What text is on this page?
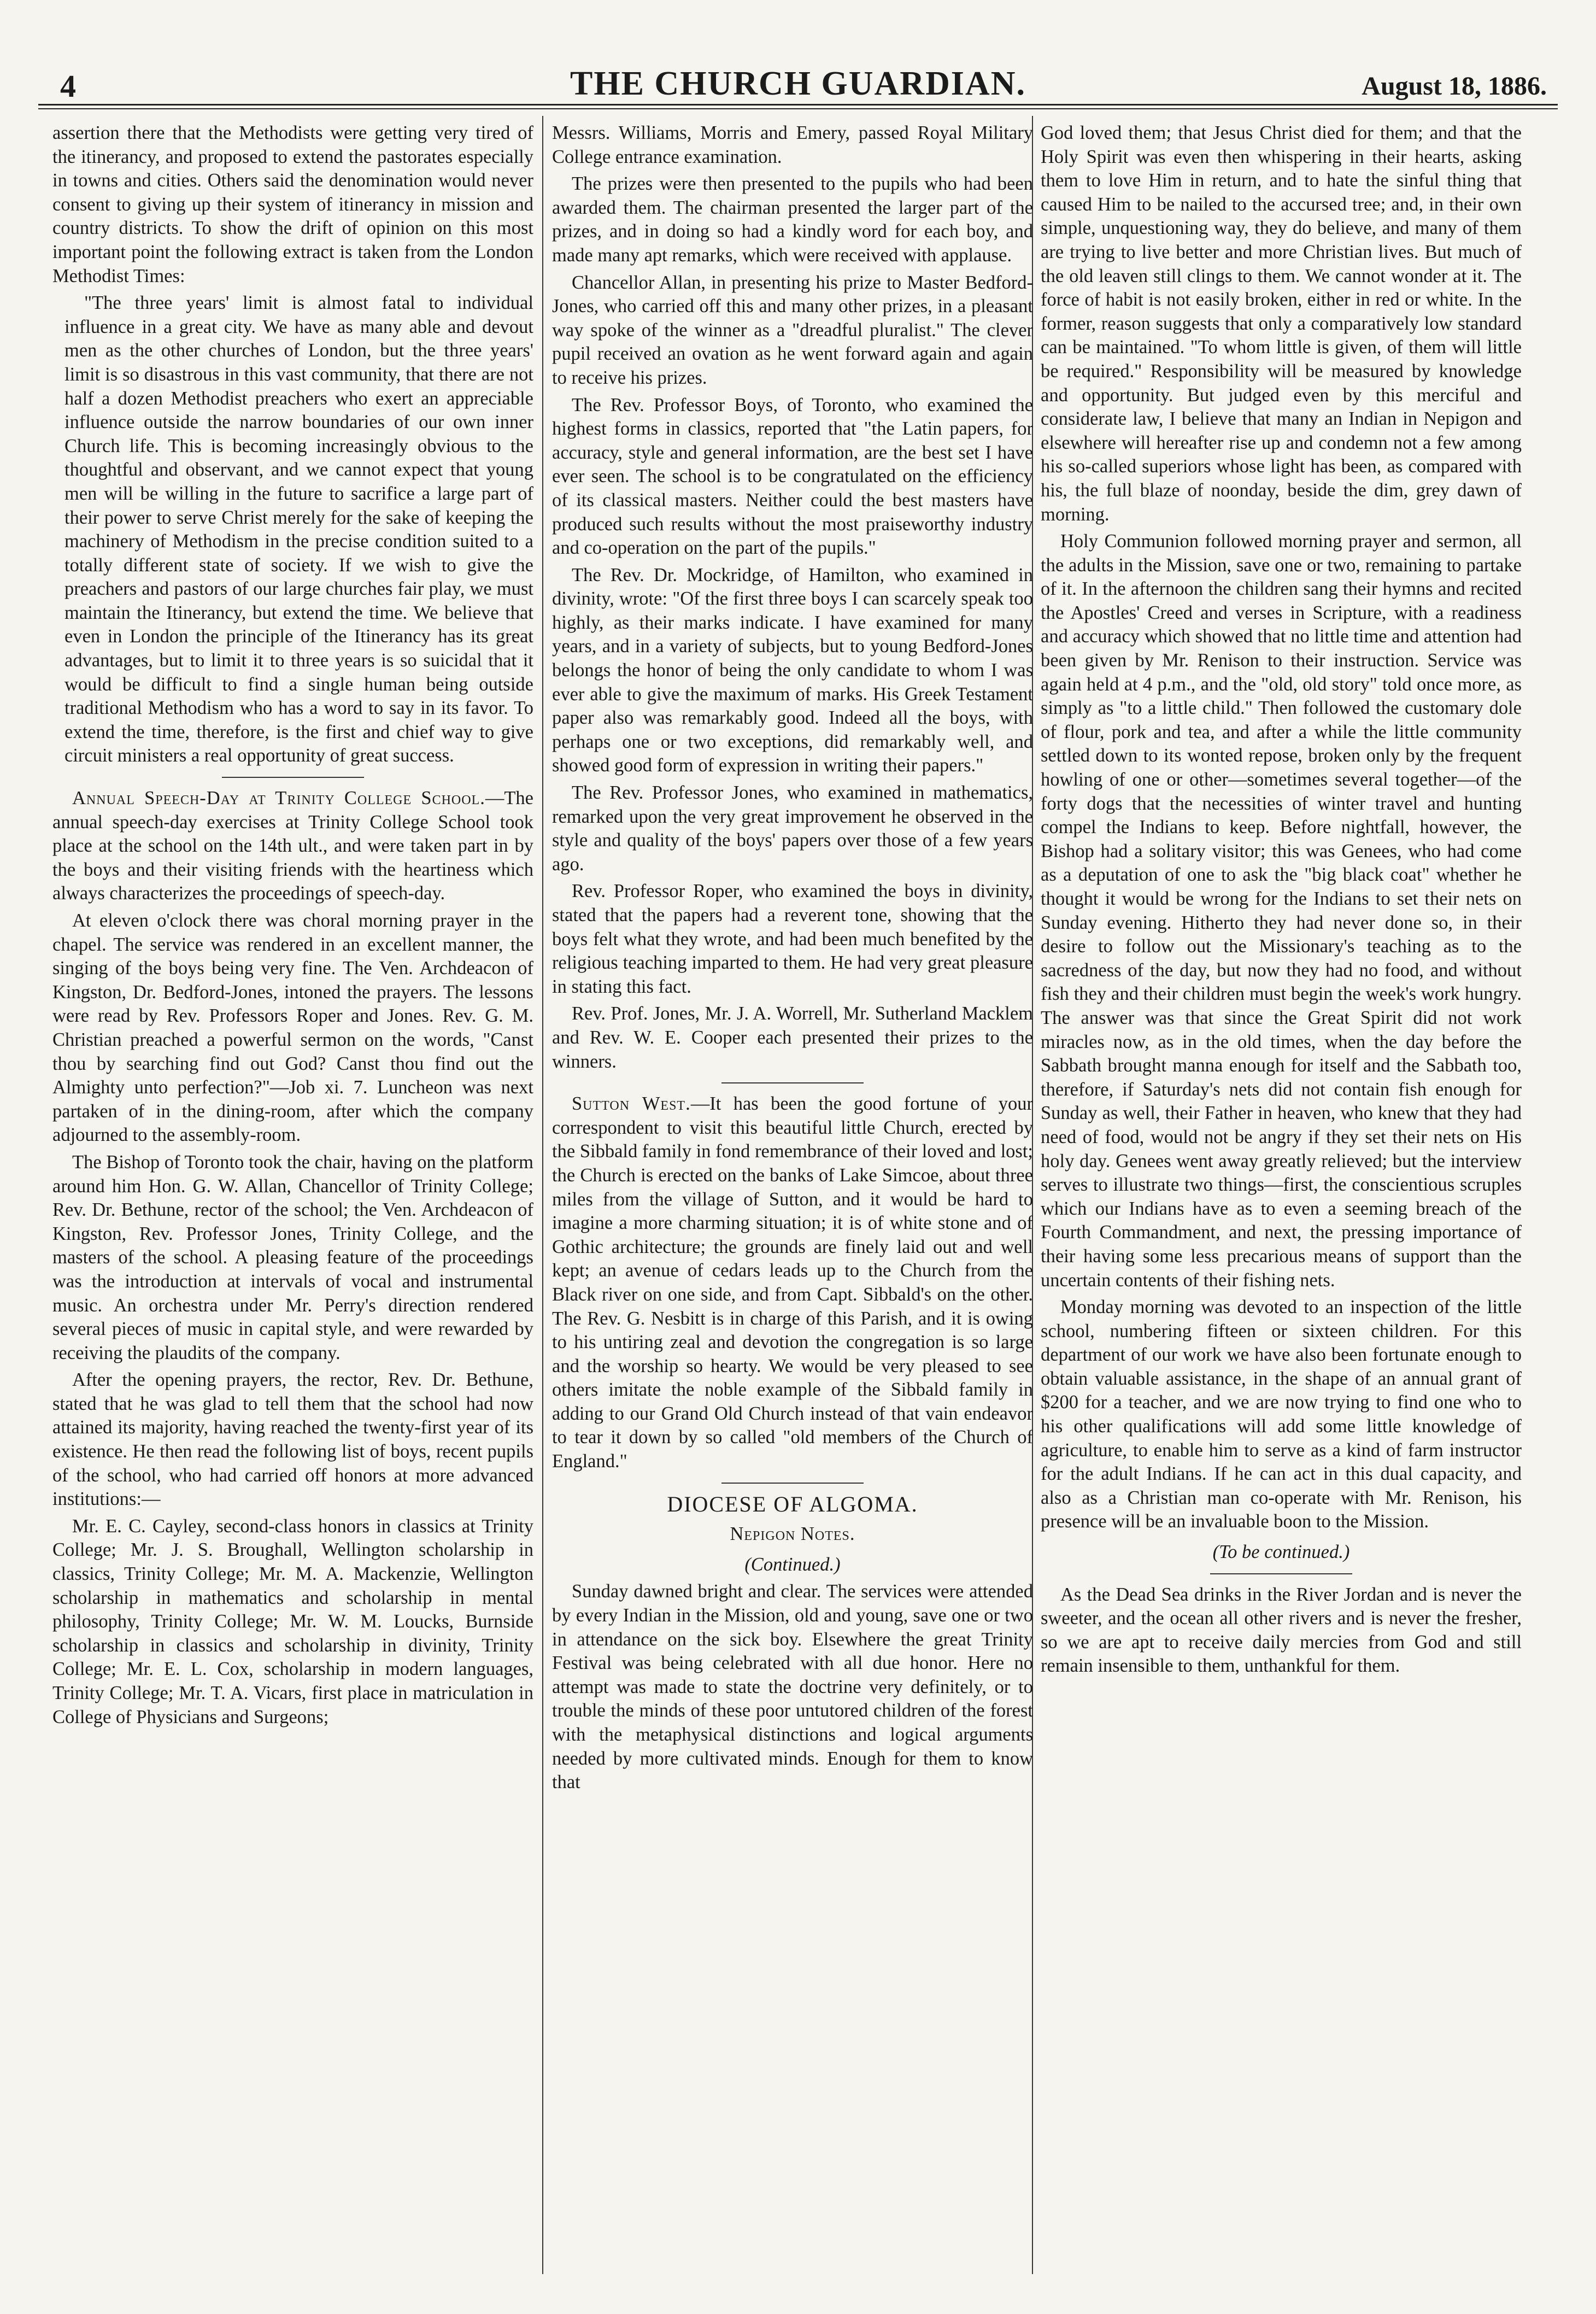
4	THE CHURCH GUARDIAN.	August 18, 1886.

assertion there that the Methodists were getting very tired of the itinerancy, and proposed to extend the pastorates especially in towns and cities. Others said the denomination would never consent to giving up their system of itinerancy in mission and country districts. To show the drift of opinion on this most important point the following extract is taken from the London Methodist Times:

"The three years' limit is almost fatal to individual influence in a great city. We have as many able and devout men as the other churches of London, but the three years' limit is so disastrous in this vast community, that there are not half a dozen Methodist preachers who exert an appreciable influence outside the narrow boundaries of our own inner Church life. This is becoming increasingly obvious to the thoughtful and observant, and we cannot expect that young men will be willing in the future to sacrifice a large part of their power to serve Christ merely for the sake of keeping the machinery of Methodism in the precise condition suited to a totally different state of society. If we wish to give the preachers and pastors of our large churches fair play, we must maintain the Itinerancy, but extend the time. We believe that even in London the principle of the Itinerancy has its great advantages, but to limit it to three years is so suicidal that it would be difficult to find a single human being outside traditional Methodism who has a word to say in its favor. To extend the time, therefore, is the first and chief way to give circuit ministers a real opportunity of great success.

Annual Speech-Day at Trinity College School.—The annual speech-day exercises at Trinity College School took place at the school on the 14th ult., and were taken part in by the boys and their visiting friends with the heartiness which always characterizes the proceedings of speech-day.

At eleven o'clock there was choral morning prayer in the chapel. The service was rendered in an excellent manner, the singing of the boys being very fine. The Ven. Archdeacon of Kingston, Dr. Bedford-Jones, intoned the prayers. The lessons were read by Rev. Professors Roper and Jones. Rev. G. M. Christian preached a powerful sermon on the words, "Canst thou by searching find out God? Canst thou find out the Almighty unto perfection?"—Job xi. 7. Luncheon was next partaken of in the dining-room, after which the company adjourned to the assembly-room.

The Bishop of Toronto took the chair, having on the platform around him Hon. G. W. Allan, Chancellor of Trinity College; Rev. Dr. Bethune, rector of the school; the Ven. Archdeacon of Kingston, Rev. Professor Jones, Trinity College, and the masters of the school. A pleasing feature of the proceedings was the introduction at intervals of vocal and instrumental music. An orchestra under Mr. Perry's direction rendered several pieces of music in capital style, and were rewarded by receiving the plaudits of the company.

After the opening prayers, the rector, Rev. Dr. Bethune, stated that he was glad to tell them that the school had now attained its majority, having reached the twenty-first year of its existence. He then read the following list of boys, recent pupils of the school, who had carried off honors at more advanced institutions:—

Mr. E. C. Cayley, second-class honors in classics at Trinity College; Mr. J. S. Broughall, Wellington scholarship in classics, Trinity College; Mr. M. A. Mackenzie, Wellington scholarship in mathematics and scholarship in mental philosophy, Trinity College; Mr. W. M. Loucks, Burnside scholarship in classics and scholarship in divinity, Trinity College; Mr. E. L. Cox, scholarship in modern languages, Trinity College; Mr. T. A. Vicars, first place in matriculation in College of Physicians and Surgeons;

Messrs. Williams, Morris and Emery, passed Royal Military College entrance examination.

The prizes were then presented to the pupils who had been awarded them. The chairman presented the larger part of the prizes, and in doing so had a kindly word for each boy, and made many apt remarks, which were received with applause.

Chancellor Allan, in presenting his prize to Master Bedford-Jones, who carried off this and many other prizes, in a pleasant way spoke of the winner as a "dreadful pluralist." The clever pupil received an ovation as he went forward again and again to receive his prizes.

The Rev. Professor Boys, of Toronto, who examined the highest forms in classics, reported that "the Latin papers, for accuracy, style and general information, are the best set I have ever seen. The school is to be congratulated on the efficiency of its classical masters. Neither could the best masters have produced such results without the most praiseworthy industry and co-operation on the part of the pupils."

The Rev. Dr. Mockridge, of Hamilton, who examined in divinity, wrote: "Of the first three boys I can scarcely speak too highly, as their marks indicate. I have examined for many years, and in a variety of subjects, but to young Bedford-Jones belongs the honor of being the only candidate to whom I was ever able to give the maximum of marks. His Greek Testament paper also was remarkably good. Indeed all the boys, with perhaps one or two exceptions, did remarkably well, and showed good form of expression in writing their papers."

The Rev. Professor Jones, who examined in mathematics, remarked upon the very great improvement he observed in the style and quality of the boys' papers over those of a few years ago.

Rev. Professor Roper, who examined the boys in divinity, stated that the papers had a reverent tone, showing that the boys felt what they wrote, and had been much benefited by the religious teaching imparted to them. He had very great pleasure in stating this fact.

Rev. Prof. Jones, Mr. J. A. Worrell, Mr. Sutherland Macklem and Rev. W. E. Cooper each presented their prizes to the winners.

Sutton West.—It has been the good fortune of your correspondent to visit this beautiful little Church, erected by the Sibbald family in fond remembrance of their loved and lost; the Church is erected on the banks of Lake Simcoe, about three miles from the village of Sutton, and it would be hard to imagine a more charming situation; it is of white stone and of Gothic architecture; the grounds are finely laid out and well kept; an avenue of cedars leads up to the Church from the Black river on one side, and from Capt. Sibbald's on the other. The Rev. G. Nesbitt is in charge of this Parish, and it is owing to his untiring zeal and devotion the congregation is so large and the worship so hearty. We would be very pleased to see others imitate the noble example of the Sibbald family in adding to our Grand Old Church instead of that vain endeavor to tear it down by so called "old members of the Church of England."

DIOCESE OF ALGOMA.
Nepigon Notes.
(Continued.)

Sunday dawned bright and clear. The services were attended by every Indian in the Mission, old and young, save one or two in attendance on the sick boy. Elsewhere the great Trinity Festival was being celebrated with all due honor. Here no attempt was made to state the doctrine very definitely, or to trouble the minds of these poor untutored children of the forest with the metaphysical distinctions and logical arguments needed by more cultivated minds. Enough for them to know that

God loved them; that Jesus Christ died for them; and that the Holy Spirit was even then whispering in their hearts, asking them to love Him in return, and to hate the sinful thing that caused Him to be nailed to the accursed tree; and, in their own simple, unquestioning way, they do believe, and many of them are trying to live better and more Christian lives. But much of the old leaven still clings to them. We cannot wonder at it. The force of habit is not easily broken, either in red or white. In the former, reason suggests that only a comparatively low standard can be maintained. "To whom little is given, of them will little be required." Responsibility will be measured by knowledge and opportunity. But judged even by this merciful and considerate law, I believe that many an Indian in Nepigon and elsewhere will hereafter rise up and condemn not a few among his so-called superiors whose light has been, as compared with his, the full blaze of noonday, beside the dim, grey dawn of morning.

Holy Communion followed morning prayer and sermon, all the adults in the Mission, save one or two, remaining to partake of it. In the afternoon the children sang their hymns and recited the Apostles' Creed and verses in Scripture, with a readiness and accuracy which showed that no little time and attention had been given by Mr. Renison to their instruction. Service was again held at 4 p.m., and the "old, old story" told once more, as simply as "to a little child." Then followed the customary dole of flour, pork and tea, and after a while the little community settled down to its wonted repose, broken only by the frequent howling of one or other—sometimes several together—of the forty dogs that the necessities of winter travel and hunting compel the Indians to keep. Before nightfall, however, the Bishop had a solitary visitor; this was Genees, who had come as a deputation of one to ask the "big black coat" whether he thought it would be wrong for the Indians to set their nets on Sunday evening. Hitherto they had never done so, in their desire to follow out the Missionary's teaching as to the sacredness of the day, but now they had no food, and without fish they and their children must begin the week's work hungry. The answer was that since the Great Spirit did not work miracles now, as in the old times, when the day before the Sabbath brought manna enough for itself and the Sabbath too, therefore, if Saturday's nets did not contain fish enough for Sunday as well, their Father in heaven, who knew that they had need of food, would not be angry if they set their nets on His holy day. Genees went away greatly relieved; but the interview serves to illustrate two things—first, the conscientious scruples which our Indians have as to even a seeming breach of the Fourth Commandment, and next, the pressing importance of their having some less precarious means of support than the uncertain contents of their fishing nets.

Monday morning was devoted to an inspection of the little school, numbering fifteen or sixteen children. For this department of our work we have also been fortunate enough to obtain valuable assistance, in the shape of an annual grant of $200 for a teacher, and we are now trying to find one who to his other qualifications will add some little knowledge of agriculture, to enable him to serve as a kind of farm instructor for the adult Indians. If he can act in this dual capacity, and also as a Christian man co-operate with Mr. Renison, his presence will be an invaluable boon to the Mission.

(To be continued.)

As the Dead Sea drinks in the River Jordan and is never the sweeter, and the ocean all other rivers and is never the fresher, so we are apt to receive daily mercies from God and still remain insensible to them, unthankful for them.
